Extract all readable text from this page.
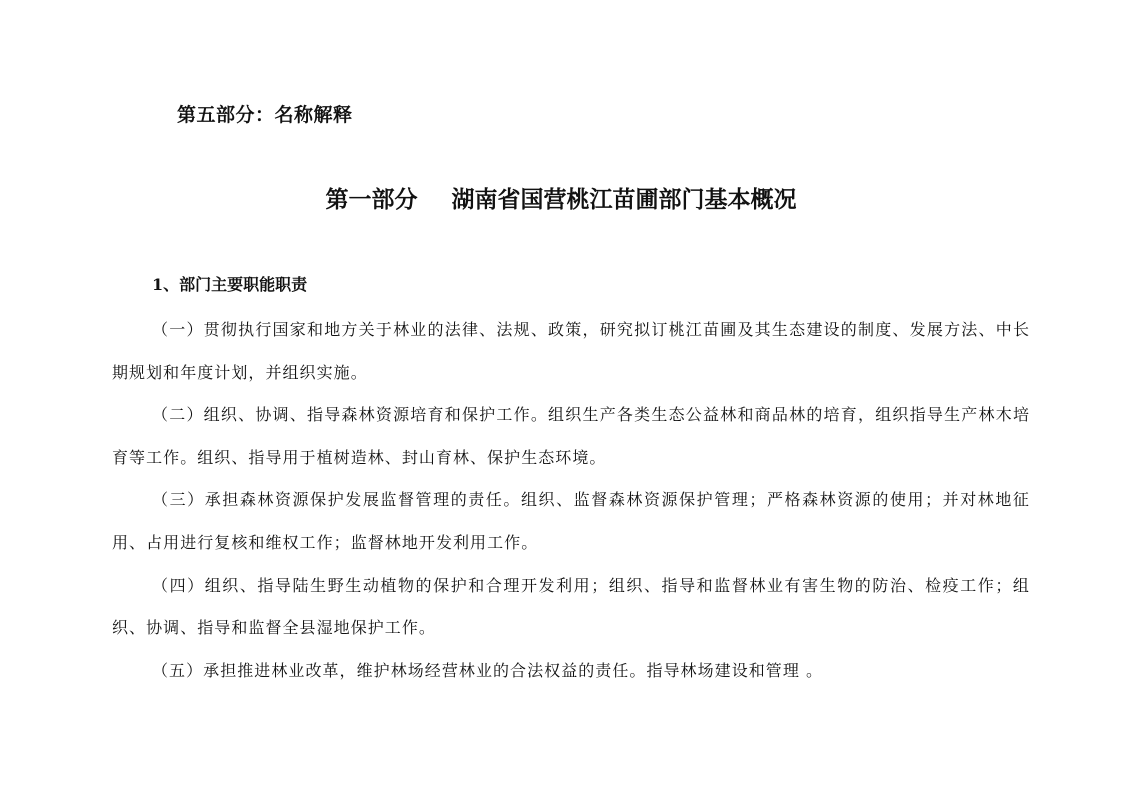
第五部分：名称解释
第一部分 湖南省国营桃江苗圃部门基本概况
1、部门主要职能职责

（一）贯彻执行国家和地方关于林业的法律、法规、政策，研究拟订桃江苗圃及其生态建设的制度、发展方法、中长期规划和年度计划，并组织实施。

（二）组织、协调、指导森林资源培育和保护工作。组织生产各类生态公益林和商品林的培育，组织指导生产林木培育等工作。组织、指导用于植树造林、封山育林、保护生态环境。

（三）承担森林资源保护发展监督管理的责任。组织、监督森林资源保护管理；严格森林资源的使用；并对林地征用、占用进行复核和维权工作；监督林地开发利用工作。

（四）组织、指导陆生野生动植物的保护和合理开发利用；组织、指导和监督林业有害生物的防治、检疫工作；组织、协调、指导和监督全县湿地保护工作。

（五）承担推进林业改革，维护林场经营林业的合法权益的责任。指导林场建设和管理 。
